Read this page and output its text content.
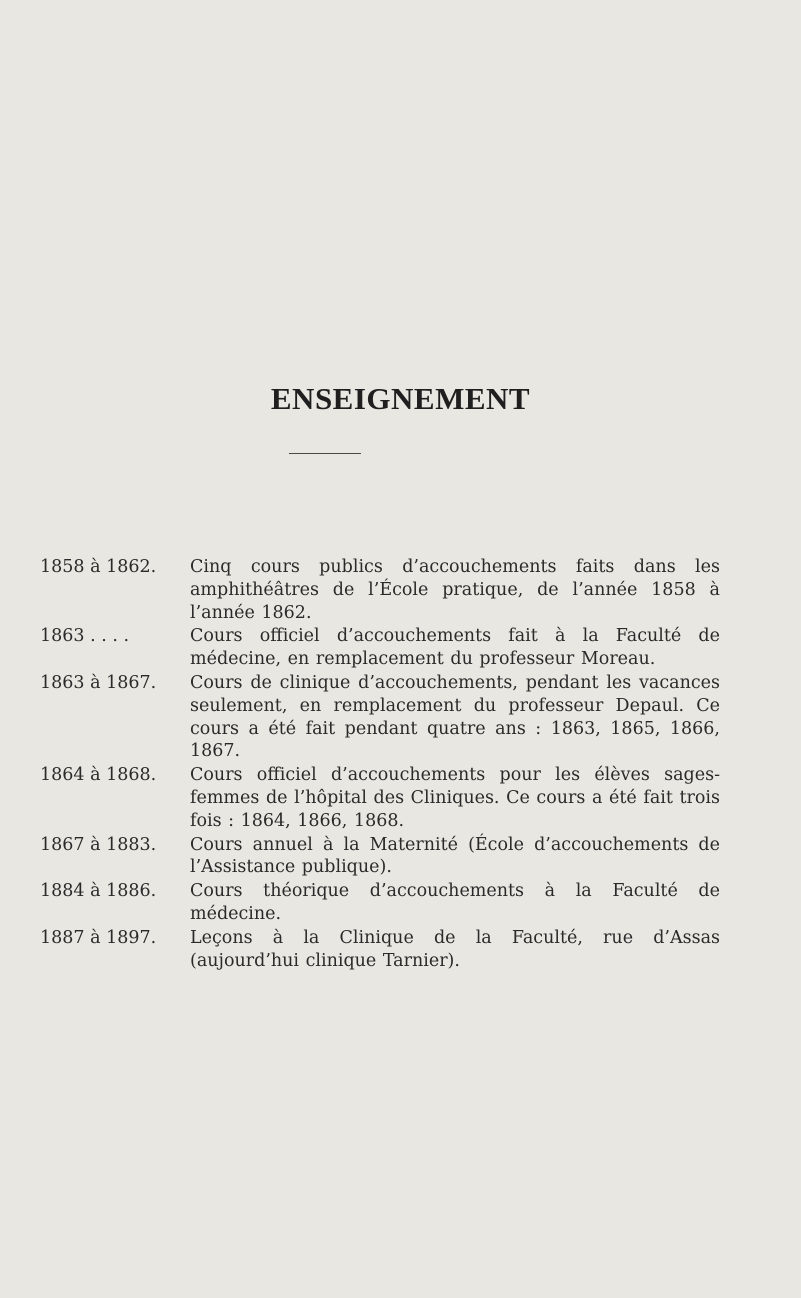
ENSEIGNEMENT
1858 à 1862.	Cinq cours publics d’accouchements faits dans les amphithéâtres de l’École pratique, de l’année 1858 à l’année 1862.
1863 . . . .	Cours officiel d’accouchements fait à la Faculté de médecine, en remplacement du professeur Moreau.
1863 à 1867.	Cours de clinique d’accouchements, pendant les vacances seulement, en remplacement du professeur Depaul. Ce cours a été fait pendant quatre ans : 1863, 1865, 1866, 1867.
1864 à 1868.	Cours officiel d’accouchements pour les élèves sages-femmes de l’hôpital des Cliniques. Ce cours a été fait trois fois : 1864, 1866, 1868.
1867 à 1883.	Cours annuel à la Maternité (École d’accouchements de l’Assistance publique).
1884 à 1886.	Cours théorique d’accouchements à la Faculté de médecine.
1887 à 1897.	Leçons à la Clinique de la Faculté, rue d’Assas (aujourd’hui clinique Tarnier).
